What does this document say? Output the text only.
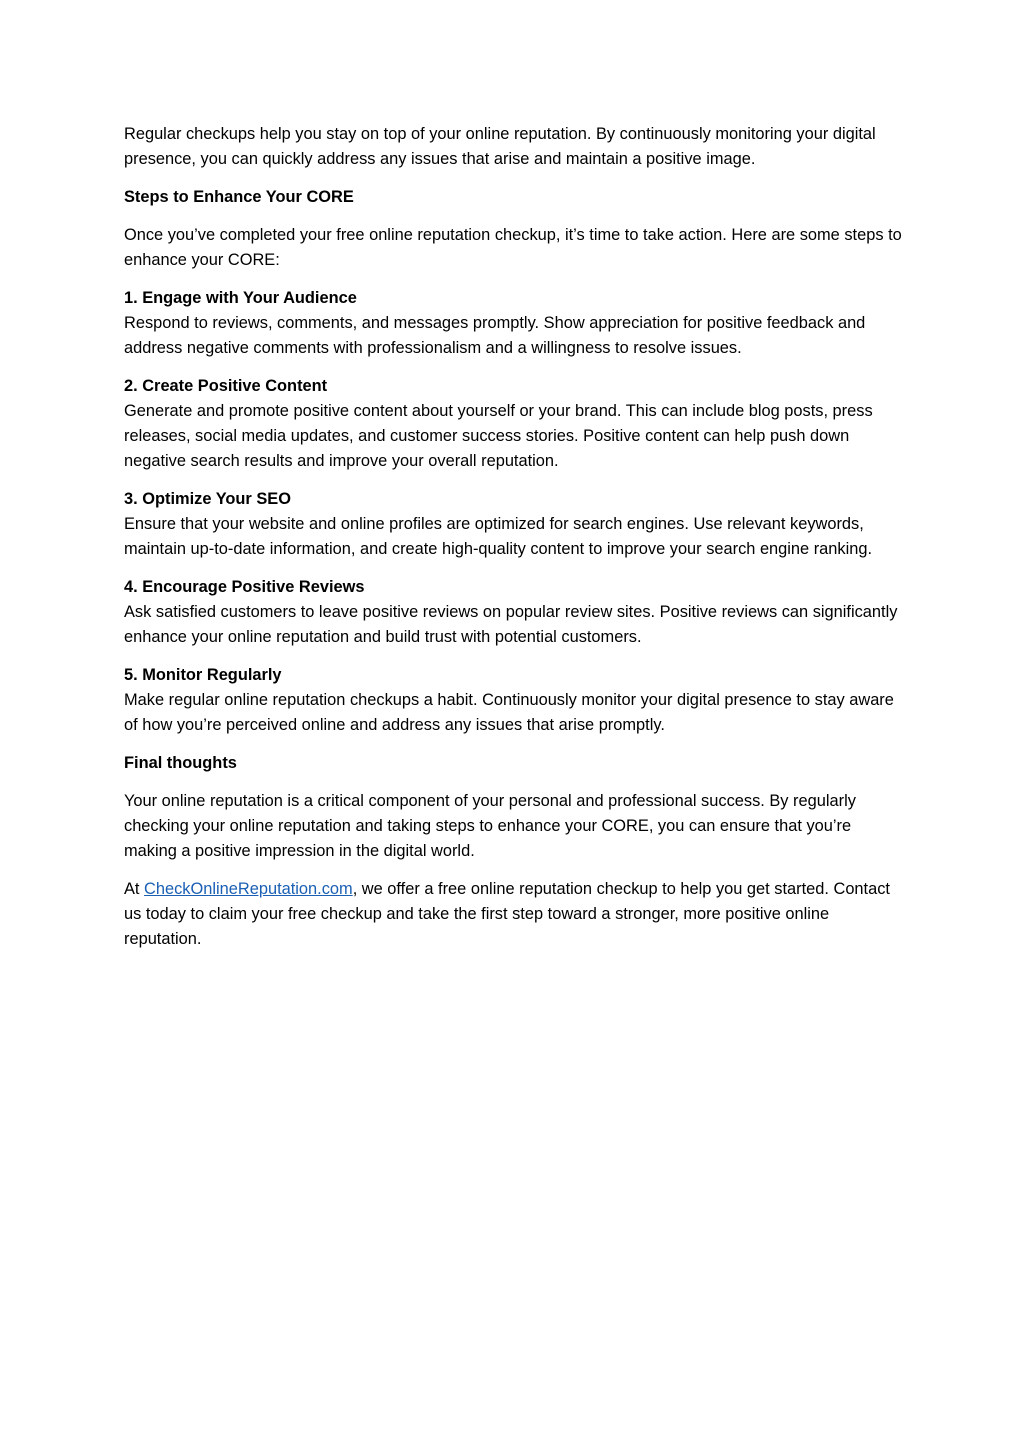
Regular checkups help you stay on top of your online reputation. By continuously monitoring your digital presence, you can quickly address any issues that arise and maintain a positive image.

Steps to Enhance Your CORE

Once you’ve completed your free online reputation checkup, it’s time to take action. Here are some steps to enhance your CORE:

1. Engage with Your Audience
Respond to reviews, comments, and messages promptly. Show appreciation for positive feedback and address negative comments with professionalism and a willingness to resolve issues.
2. Create Positive Content
Generate and promote positive content about yourself or your brand. This can include blog posts, press releases, social media updates, and customer success stories. Positive content can help push down negative search results and improve your overall reputation.
3. Optimize Your SEO
Ensure that your website and online profiles are optimized for search engines. Use relevant keywords, maintain up-to-date information, and create high-quality content to improve your search engine ranking.
4. Encourage Positive Reviews
Ask satisfied customers to leave positive reviews on popular review sites. Positive reviews can significantly enhance your online reputation and build trust with potential customers.
5. Monitor Regularly
Make regular online reputation checkups a habit. Continuously monitor your digital presence to stay aware of how you’re perceived online and address any issues that arise promptly.
Final thoughts

Your online reputation is a critical component of your personal and professional success. By regularly checking your online reputation and taking steps to enhance your CORE, you can ensure that you’re making a positive impression in the digital world.

At CheckOnlineReputation.com, we offer a free online reputation checkup to help you get started. Contact us today to claim your free checkup and take the first step toward a stronger, more positive online reputation.
